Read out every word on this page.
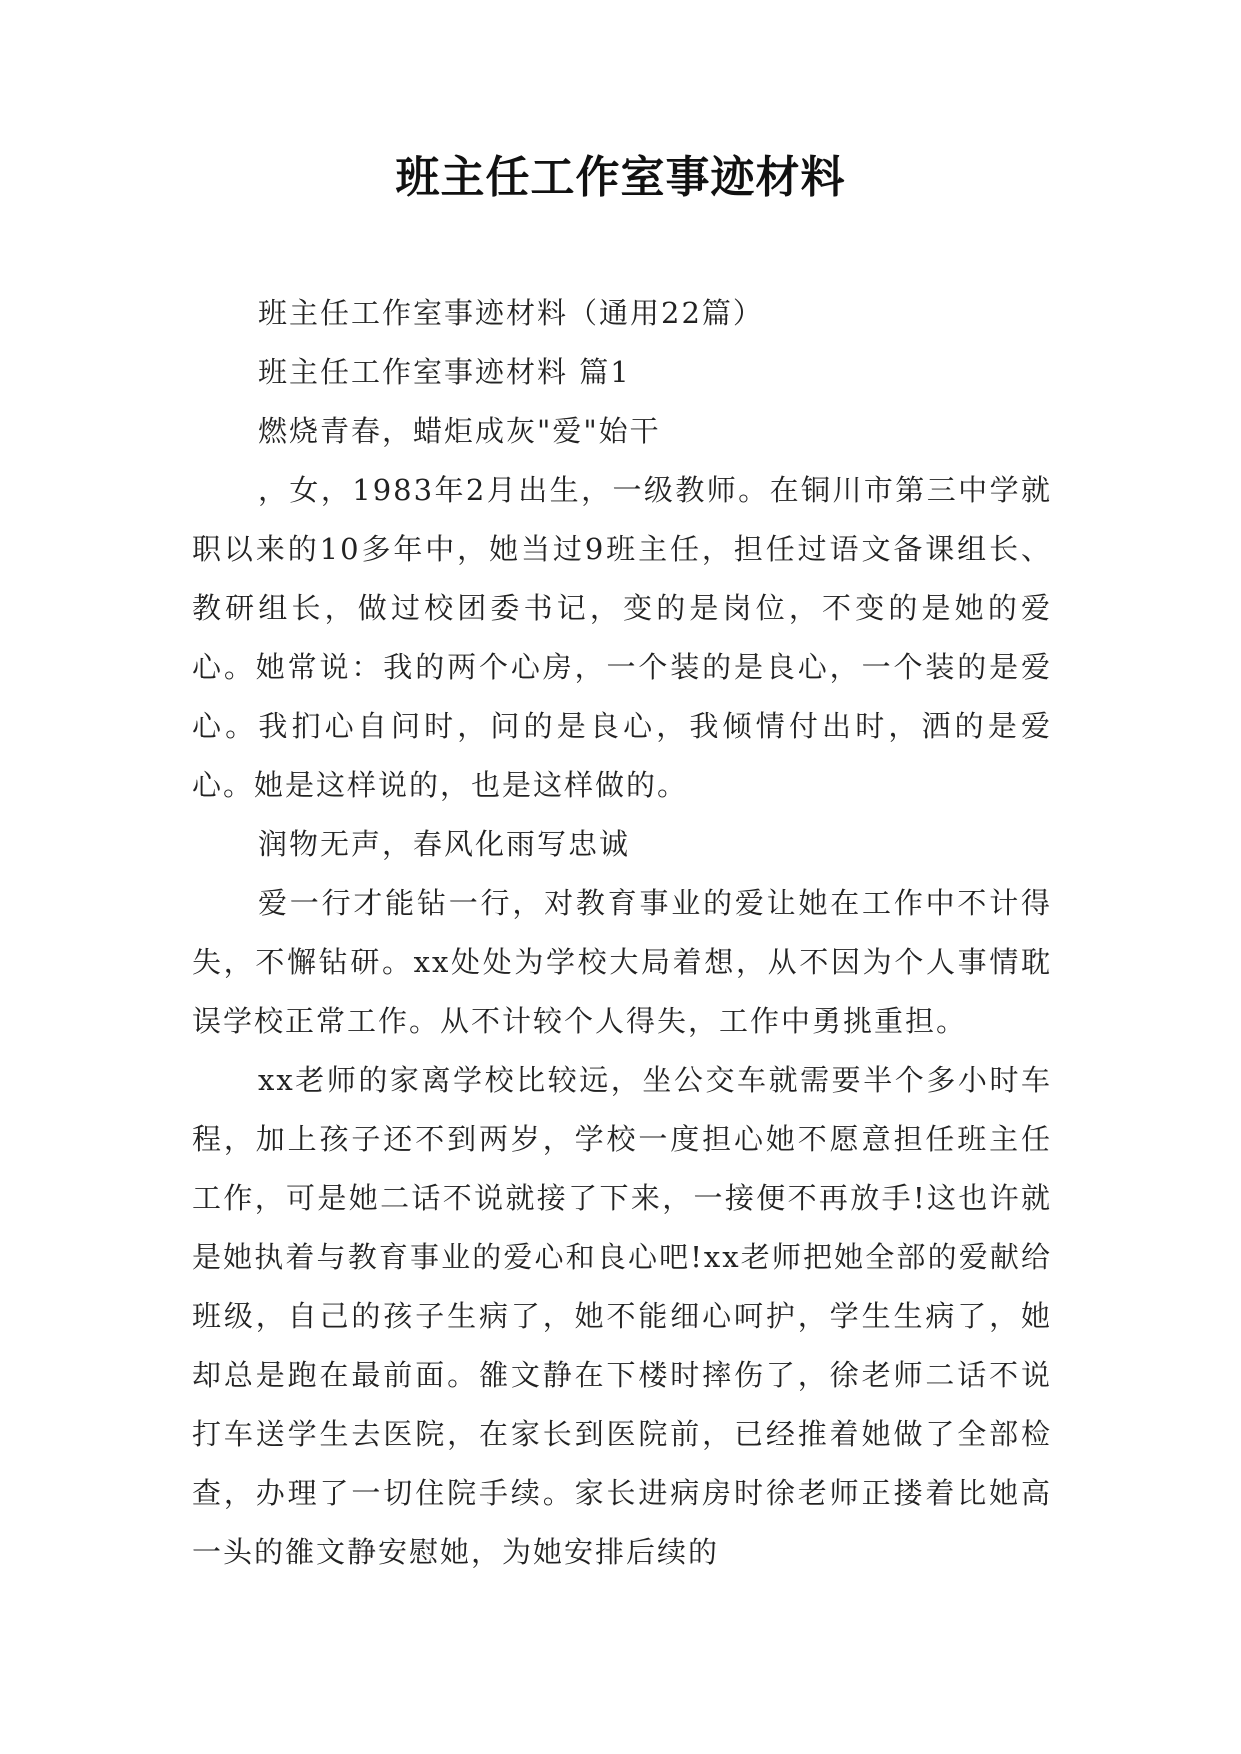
班主任工作室事迹材料

班主任工作室事迹材料（通用22篇）

班主任工作室事迹材料 篇1

燃烧青春，蜡炬成灰"爱"始干

，女，1983年2月出生，一级教师。在铜川市第三中学就职以来的10多年中，她当过9班主任，担任过语文备课组长、教研组长，做过校团委书记，变的是岗位，不变的是她的爱心。她常说：我的两个心房，一个装的是良心，一个装的是爱心。我扪心自问时，问的是良心，我倾情付出时，洒的是爱心。她是这样说的，也是这样做的。

润物无声，春风化雨写忠诚

爱一行才能钻一行，对教育事业的爱让她在工作中不计得失，不懈钻研。xx处处为学校大局着想，从不因为个人事情耽误学校正常工作。从不计较个人得失，工作中勇挑重担。

xx老师的家离学校比较远，坐公交车就需要半个多小时车程，加上孩子还不到两岁，学校一度担心她不愿意担任班主任工作，可是她二话不说就接了下来，一接便不再放手!这也许就是她执着与教育事业的爱心和良心吧!xx老师把她全部的爱献给班级，自己的孩子生病了，她不能细心呵护，学生生病了，她却总是跑在最前面。雒文静在下楼时摔伤了，徐老师二话不说打车送学生去医院，在家长到医院前，已经推着她做了全部检查，办理了一切住院手续。家长进病房时徐老师正搂着比她高一头的雒文静安慰她，为她安排后续的
